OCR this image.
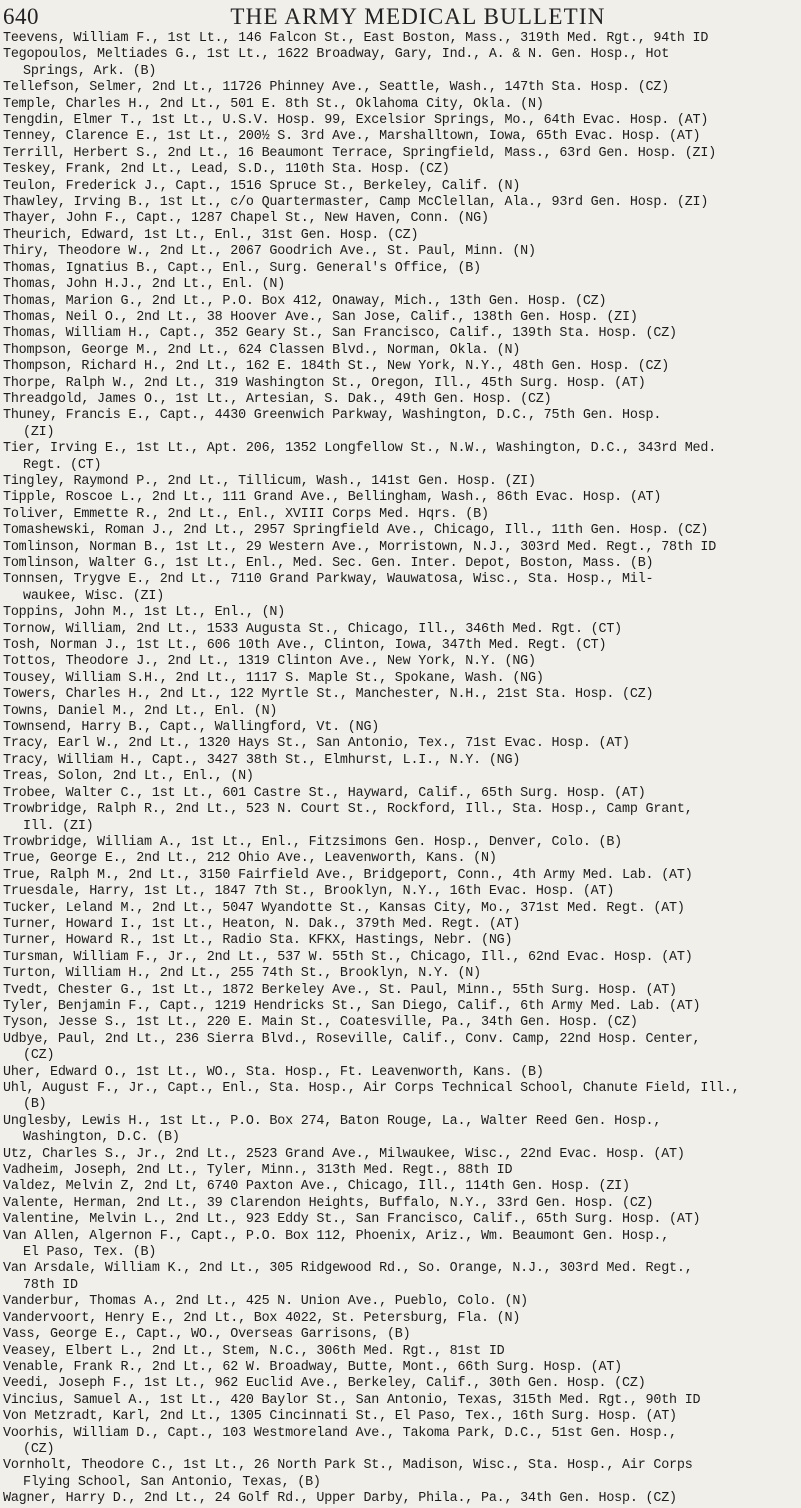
640	THE ARMY MEDICAL BULLETIN
Teevens, William F., 1st Lt., 146 Falcon St., East Boston, Mass., 319th Med. Rgt., 94th ID
Tegopoulos, Meltiades G., 1st Lt., 1622 Broadway, Gary, Ind., A. & N. Gen. Hosp., Hot
Springs, Ark. (B)
Tellefson, Selmer, 2nd Lt., 11726 Phinney Ave., Seattle, Wash., 147th Sta. Hosp. (CZ)
Temple, Charles H., 2nd Lt., 501 E. 8th St., Oklahoma City, Okla. (N)
Tengdin, Elmer T., 1st Lt., U.S.V. Hosp. 99, Excelsior Springs, Mo., 64th Evac. Hosp. (AT)
Tenney, Clarence E., 1st Lt., 200½ S. 3rd Ave., Marshalltown, Iowa, 65th Evac. Hosp. (AT)
Terrill, Herbert S., 2nd Lt., 16 Beaumont Terrace, Springfield, Mass., 63rd Gen. Hosp. (ZI)
Teskey, Frank, 2nd Lt., Lead, S.D., 110th Sta. Hosp. (CZ)
Teulon, Frederick J., Capt., 1516 Spruce St., Berkeley, Calif. (N)
Thawley, Irving B., 1st Lt., c/o Quartermaster, Camp McClellan, Ala., 93rd Gen. Hosp. (ZI)
Thayer, John F., Capt., 1287 Chapel St., New Haven, Conn. (NG)
Theurich, Edward, 1st Lt., Enl., 31st Gen. Hosp. (CZ)
Thiry, Theodore W., 2nd Lt., 2067 Goodrich Ave., St. Paul, Minn. (N)
Thomas, Ignatius B., Capt., Enl., Surg. General's Office, (B)
Thomas, John H.J., 2nd Lt., Enl. (N)
Thomas, Marion G., 2nd Lt., P.O. Box 412, Onaway, Mich., 13th Gen. Hosp. (CZ)
Thomas, Neil O., 2nd Lt., 38 Hoover Ave., San Jose, Calif., 138th Gen. Hosp. (ZI)
Thomas, William H., Capt., 352 Geary St., San Francisco, Calif., 139th Sta. Hosp. (CZ)
Thompson, George M., 2nd Lt., 624 Classen Blvd., Norman, Okla. (N)
Thompson, Richard H., 2nd Lt., 162 E. 184th St., New York, N.Y., 48th Gen. Hosp. (CZ)
Thorpe, Ralph W., 2nd Lt., 319 Washington St., Oregon, Ill., 45th Surg. Hosp. (AT)
Threadgold, James O., 1st Lt., Artesian, S. Dak., 49th Gen. Hosp. (CZ)
Thuney, Francis E., Capt., 4430 Greenwich Parkway, Washington, D.C., 75th Gen. Hosp.
(ZI)
Tier, Irving E., 1st Lt., Apt. 206, 1352 Longfellow St., N.W., Washington, D.C., 343rd Med.
Regt. (CT)
Tingley, Raymond P., 2nd Lt., Tillicum, Wash., 141st Gen. Hosp. (ZI)
Tipple, Roscoe L., 2nd Lt., 111 Grand Ave., Bellingham, Wash., 86th Evac. Hosp. (AT)
Toliver, Emmette R., 2nd Lt., Enl., XVIII Corps Med. Hqrs. (B)
Tomashewski, Roman J., 2nd Lt., 2957 Springfield Ave., Chicago, Ill., 11th Gen. Hosp. (CZ)
Tomlinson, Norman B., 1st Lt., 29 Western Ave., Morristown, N.J., 303rd Med. Regt., 78th ID
Tomlinson, Walter G., 1st Lt., Enl., Med. Sec. Gen. Inter. Depot, Boston, Mass. (B)
Tonnsen, Trygve E., 2nd Lt., 7110 Grand Parkway, Wauwatosa, Wisc., Sta. Hosp., Mil-
waukee, Wisc. (ZI)
Toppins, John M., 1st Lt., Enl., (N)
Tornow, William, 2nd Lt., 1533 Augusta St., Chicago, Ill., 346th Med. Rgt. (CT)
Tosh, Norman J., 1st Lt., 606 10th Ave., Clinton, Iowa, 347th Med. Regt. (CT)
Tottos, Theodore J., 2nd Lt., 1319 Clinton Ave., New York, N.Y. (NG)
Tousey, William S.H., 2nd Lt., 1117 S. Maple St., Spokane, Wash. (NG)
Towers, Charles H., 2nd Lt., 122 Myrtle St., Manchester, N.H., 21st Sta. Hosp. (CZ)
Towns, Daniel M., 2nd Lt., Enl. (N)
Townsend, Harry B., Capt., Wallingford, Vt. (NG)
Tracy, Earl W., 2nd Lt., 1320 Hays St., San Antonio, Tex., 71st Evac. Hosp. (AT)
Tracy, William H., Capt., 3427 38th St., Elmhurst, L.I., N.Y. (NG)
Treas, Solon, 2nd Lt., Enl., (N)
Trobee, Walter C., 1st Lt., 601 Castre St., Hayward, Calif., 65th Surg. Hosp. (AT)
Trowbridge, Ralph R., 2nd Lt., 523 N. Court St., Rockford, Ill., Sta. Hosp., Camp Grant,
Ill. (ZI)
Trowbridge, William A., 1st Lt., Enl., Fitzsimons Gen. Hosp., Denver, Colo. (B)
True, George E., 2nd Lt., 212 Ohio Ave., Leavenworth, Kans. (N)
True, Ralph M., 2nd Lt., 3150 Fairfield Ave., Bridgeport, Conn., 4th Army Med. Lab. (AT)
Truesdale, Harry, 1st Lt., 1847 7th St., Brooklyn, N.Y., 16th Evac. Hosp. (AT)
Tucker, Leland M., 2nd Lt., 5047 Wyandotte St., Kansas City, Mo., 371st Med. Regt. (AT)
Turner, Howard I., 1st Lt., Heaton, N. Dak., 379th Med. Regt. (AT)
Turner, Howard R., 1st Lt., Radio Sta. KFKX, Hastings, Nebr. (NG)
Tursman, William F., Jr., 2nd Lt., 537 W. 55th St., Chicago, Ill., 62nd Evac. Hosp. (AT)
Turton, William H., 2nd Lt., 255 74th St., Brooklyn, N.Y. (N)
Tvedt, Chester G., 1st Lt., 1872 Berkeley Ave., St. Paul, Minn., 55th Surg. Hosp. (AT)
Tyler, Benjamin F., Capt., 1219 Hendricks St., San Diego, Calif., 6th Army Med. Lab. (AT)
Tyson, Jesse S., 1st Lt., 220 E. Main St., Coatesville, Pa., 34th Gen. Hosp. (CZ)
Udbye, Paul, 2nd Lt., 236 Sierra Blvd., Roseville, Calif., Conv. Camp, 22nd Hosp. Center,
(CZ)
Uher, Edward O., 1st Lt., WO., Sta. Hosp., Ft. Leavenworth, Kans. (B)
Uhl, August F., Jr., Capt., Enl., Sta. Hosp., Air Corps Technical School, Chanute Field, Ill.,
(B)
Unglesby, Lewis H., 1st Lt., P.O. Box 274, Baton Rouge, La., Walter Reed Gen. Hosp.,
Washington, D.C. (B)
Utz, Charles S., Jr., 2nd Lt., 2523 Grand Ave., Milwaukee, Wisc., 22nd Evac. Hosp. (AT)
Vadheim, Joseph, 2nd Lt., Tyler, Minn., 313th Med. Regt., 88th ID
Valdez, Melvin Z, 2nd Lt, 6740 Paxton Ave., Chicago, Ill., 114th Gen. Hosp. (ZI)
Valente, Herman, 2nd Lt., 39 Clarendon Heights, Buffalo, N.Y., 33rd Gen. Hosp. (CZ)
Valentine, Melvin L., 2nd Lt., 923 Eddy St., San Francisco, Calif., 65th Surg. Hosp. (AT)
Van Allen, Algernon F., Capt., P.O. Box 112, Phoenix, Ariz., Wm. Beaumont Gen. Hosp.,
El Paso, Tex. (B)
Van Arsdale, William K., 2nd Lt., 305 Ridgewood Rd., So. Orange, N.J., 303rd Med. Regt.,
78th ID
Vanderbur, Thomas A., 2nd Lt., 425 N. Union Ave., Pueblo, Colo. (N)
Vandervoort, Henry E., 2nd Lt., Box 4022, St. Petersburg, Fla. (N)
Vass, George E., Capt., WO., Overseas Garrisons, (B)
Veasey, Elbert L., 2nd Lt., Stem, N.C., 306th Med. Rgt., 81st ID
Venable, Frank R., 2nd Lt., 62 W. Broadway, Butte, Mont., 66th Surg. Hosp. (AT)
Veedi, Joseph F., 1st Lt., 962 Euclid Ave., Berkeley, Calif., 30th Gen. Hosp. (CZ)
Vincius, Samuel A., 1st Lt., 420 Baylor St., San Antonio, Texas, 315th Med. Rgt., 90th ID
Von Metzradt, Karl, 2nd Lt., 1305 Cincinnati St., El Paso, Tex., 16th Surg. Hosp. (AT)
Voorhis, William D., Capt., 103 Westmoreland Ave., Takoma Park, D.C., 51st Gen. Hosp.,
(CZ)
Vornholt, Theodore C., 1st Lt., 26 North Park St., Madison, Wisc., Sta. Hosp., Air Corps
Flying School, San Antonio, Texas, (B)
Wagner, Harry D., 2nd Lt., 24 Golf Rd., Upper Darby, Phila., Pa., 34th Gen. Hosp. (CZ)
